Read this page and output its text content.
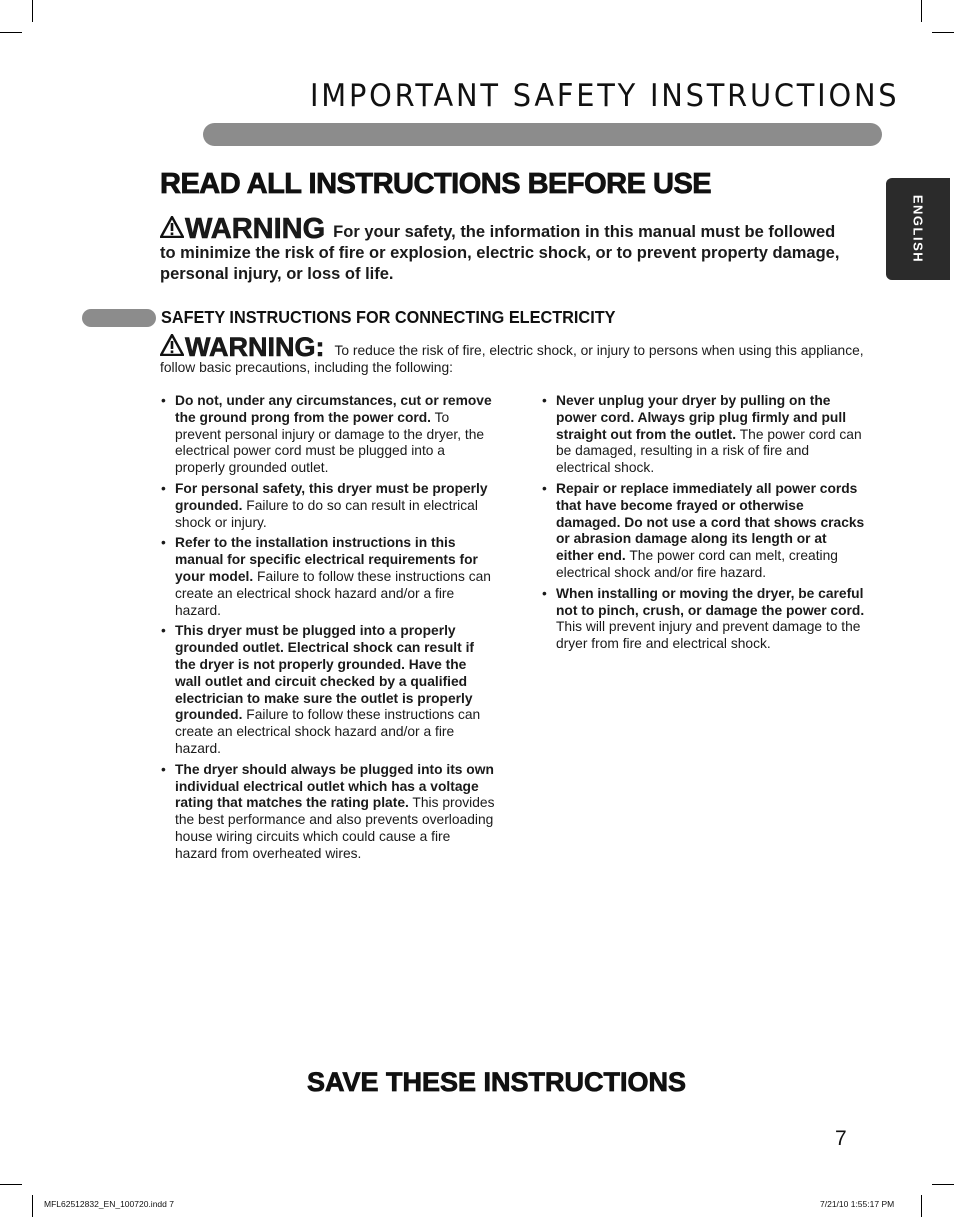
IMPORTANT SAFETY INSTRUCTIONS
ENGLISH
READ ALL INSTRUCTIONS BEFORE USE
WARNING For your safety, the information in this manual must be followed to minimize the risk of fire or explosion, electric shock, or to prevent property damage, personal injury, or loss of life.
SAFETY INSTRUCTIONS FOR CONNECTING ELECTRICITY
WARNING: To reduce the risk of fire, electric shock, or injury to persons when using this appliance, follow basic precautions, including the following:
• Do not, under any circumstances, cut or remove the ground prong from the power cord. To prevent personal injury or damage to the dryer, the electrical power cord must be plugged into a properly grounded outlet.
• For personal safety, this dryer must be properly grounded. Failure to do so can result in electrical shock or injury.
• Refer to the installation instructions in this manual for specific electrical requirements for your model. Failure to follow these instructions can create an electrical shock hazard and/or a fire hazard.
• This dryer must be plugged into a properly grounded outlet. Electrical shock can result if the dryer is not properly grounded. Have the wall outlet and circuit checked by a qualified electrician to make sure the outlet is properly grounded. Failure to follow these instructions can create an electrical shock hazard and/or a fire hazard.
• The dryer should always be plugged into its own individual electrical outlet which has a voltage rating that matches the rating plate. This provides the best performance and also prevents overloading house wiring circuits which could cause a fire hazard from overheated wires.
• Never unplug your dryer by pulling on the power cord. Always grip plug firmly and pull straight out from the outlet. The power cord can be damaged, resulting in a risk of fire and electrical shock.
• Repair or replace immediately all power cords that have become frayed or otherwise damaged. Do not use a cord that shows cracks or abrasion damage along its length or at either end. The power cord can melt, creating electrical shock and/or fire hazard.
• When installing or moving the dryer, be careful not to pinch, crush, or damage the power cord. This will prevent injury and prevent damage to the dryer from fire and electrical shock.
SAVE THESE INSTRUCTIONS
7
MFL62512832_EN_100720.indd 7	7/21/10 1:55:17 PM
